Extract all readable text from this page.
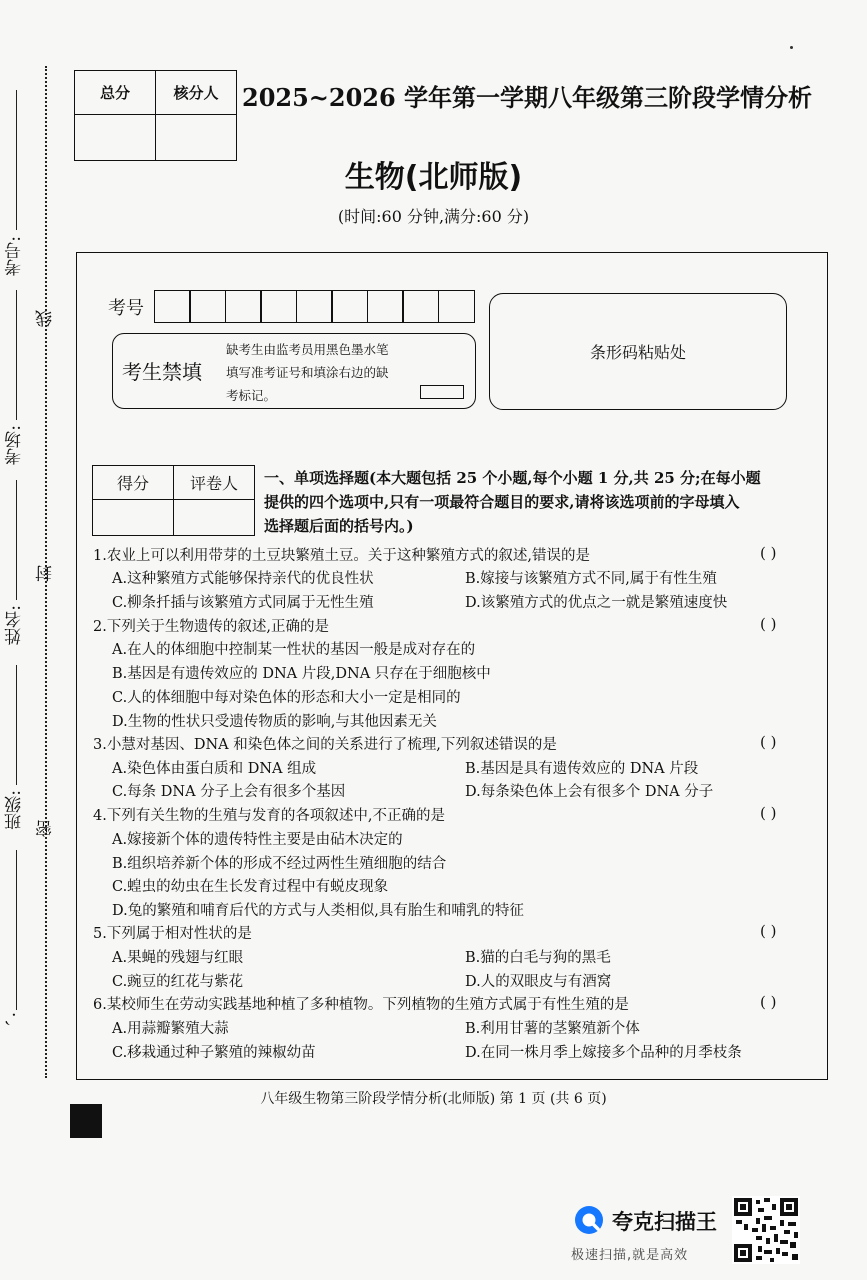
考号:
考场:
姓名:
班级:
、·
线
封
密
总分	核分人
	2025~2026 学年第一学期八年级第三阶段学情分析
生物(北师版)
(时间:60 分钟,满分:60 分)
考号
考生禁填
缺考生由监考员用黑色墨水笔
填写准考证号和填涂右边的缺
考标记。
条形码粘贴处
得分	评卷人
	一、单项选择题(本大题包括 25 个小题,每个小题 1 分,共 25 分;在每小题
提供的四个选项中,只有一项最符合题目的要求,请将该选项前的字母填入
选择题后面的括号内。)
1.农业上可以利用带芽的土豆块繁殖土豆。关于这种繁殖方式的叙述,错误的是	( )
A.这种繁殖方式能够保持亲代的优良性状	B.嫁接与该繁殖方式不同,属于有性生殖
C.柳条扦插与该繁殖方式同属于无性生殖	D.该繁殖方式的优点之一就是繁殖速度快
2.下列关于生物遗传的叙述,正确的是	( )
A.在人的体细胞中控制某一性状的基因一般是成对存在的
B.基因是有遗传效应的 DNA 片段,DNA 只存在于细胞核中
C.人的体细胞中每对染色体的形态和大小一定是相同的
D.生物的性状只受遗传物质的影响,与其他因素无关
3.小慧对基因、DNA 和染色体之间的关系进行了梳理,下列叙述错误的是	( )
A.染色体由蛋白质和 DNA 组成	B.基因是具有遗传效应的 DNA 片段
C.每条 DNA 分子上会有很多个基因	D.每条染色体上会有很多个 DNA 分子
4.下列有关生物的生殖与发育的各项叙述中,不正确的是	( )
A.嫁接新个体的遗传特性主要是由砧木决定的
B.组织培养新个体的形成不经过两性生殖细胞的结合
C.蝗虫的幼虫在生长发育过程中有蜕皮现象
D.兔的繁殖和哺育后代的方式与人类相似,具有胎生和哺乳的特征
5.下列属于相对性状的是	( )
A.果蝇的残翅与红眼	B.猫的白毛与狗的黑毛
C.豌豆的红花与紫花	D.人的双眼皮与有酒窝
6.某校师生在劳动实践基地种植了多种植物。下列植物的生殖方式属于有性生殖的是	( )
A.用蒜瓣繁殖大蒜	B.利用甘薯的茎繁殖新个体
C.移栽通过种子繁殖的辣椒幼苗	D.在同一株月季上嫁接多个品种的月季枝条
八年级生物第三阶段学情分析(北师版) 第 1 页 (共 6 页)
夸克扫描王
极速扫描,就是高效
